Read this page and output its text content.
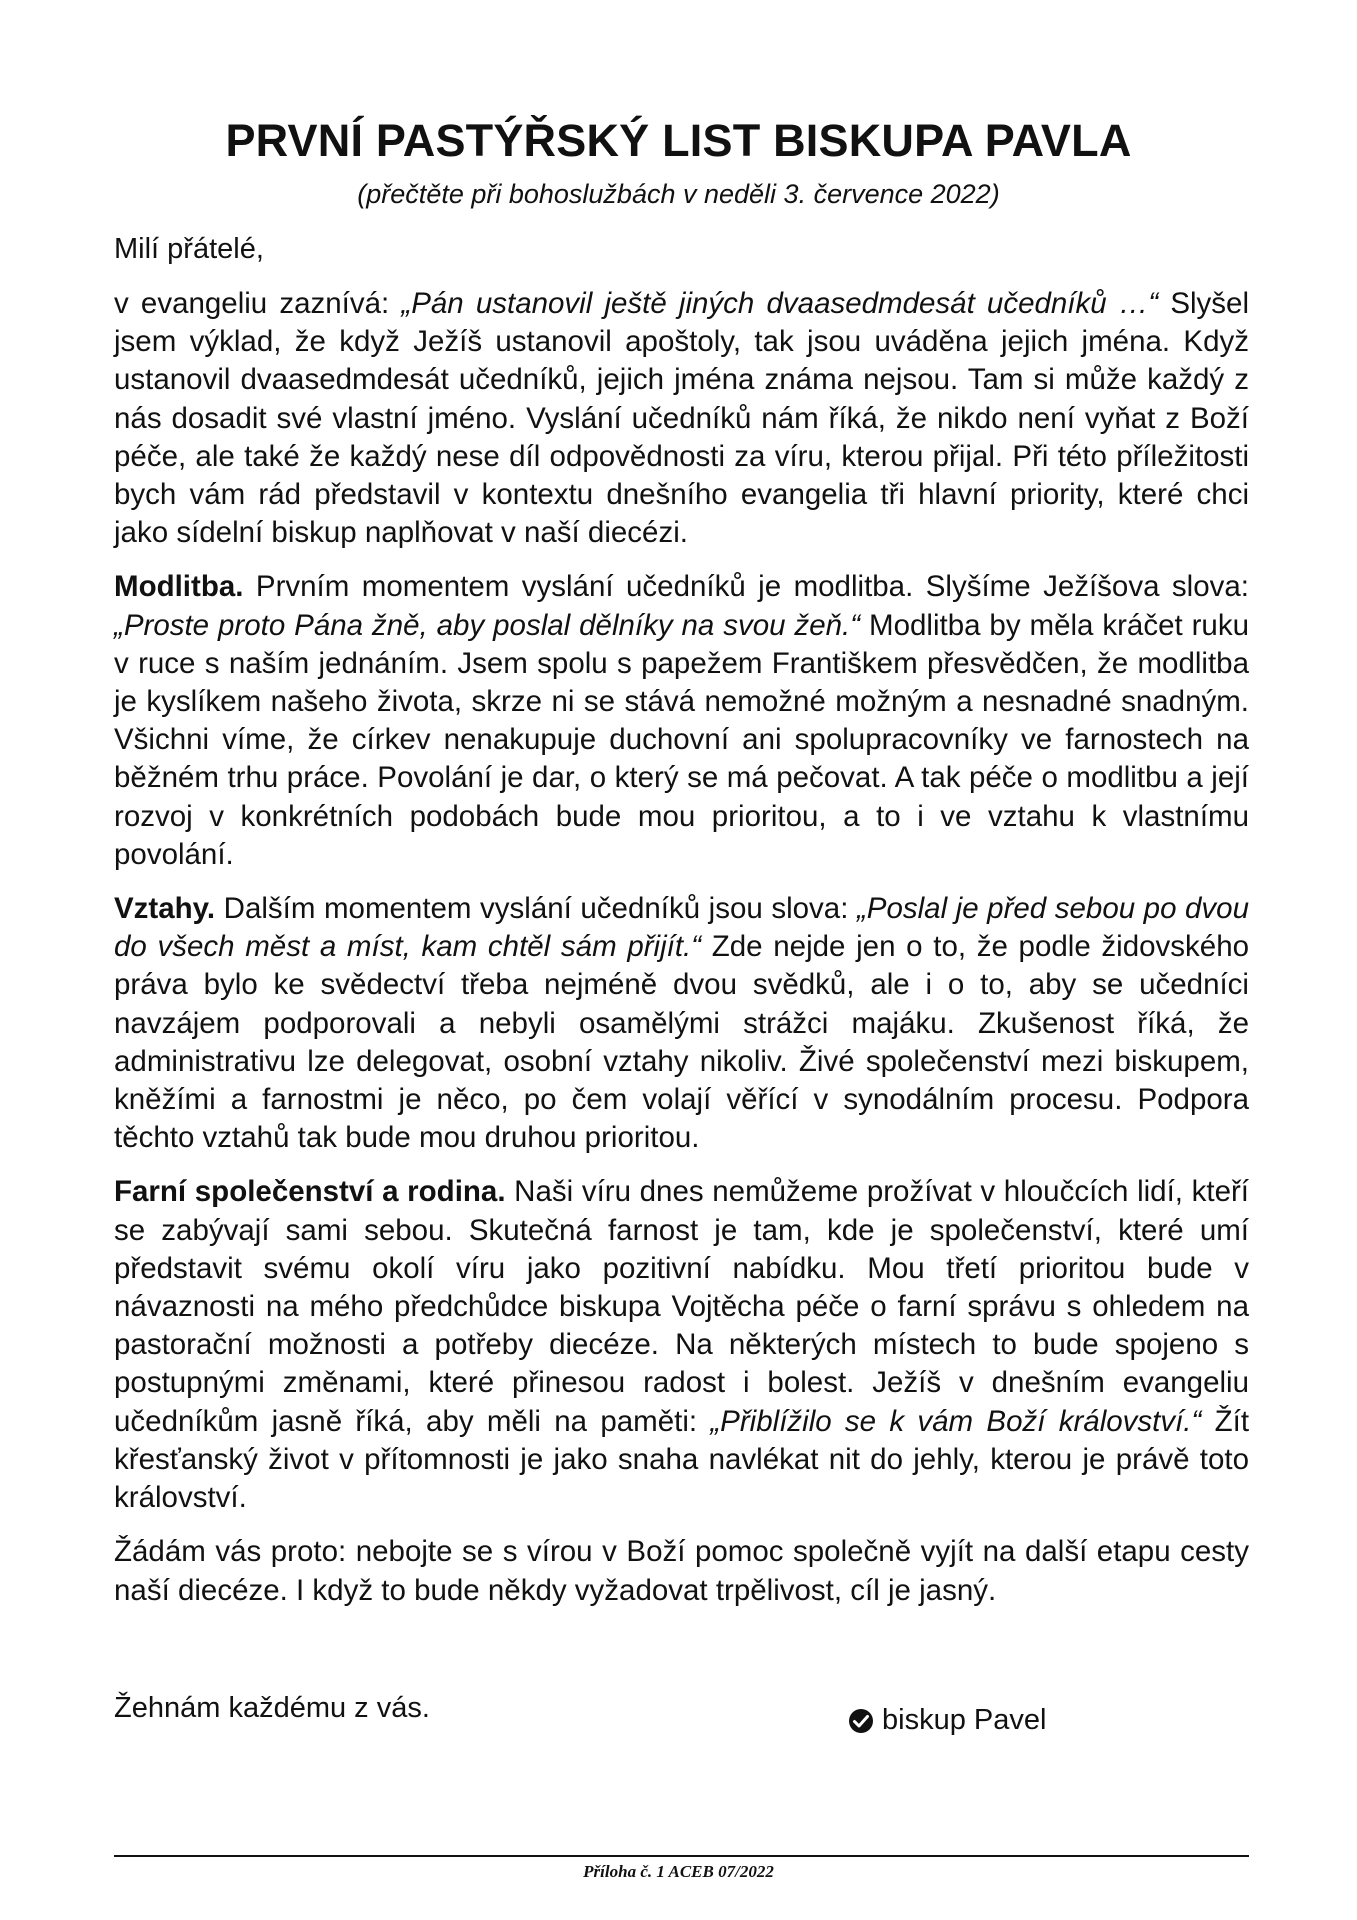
PRVNÍ PASTÝŘSKÝ LIST BISKUPA PAVLA
(přečtěte při bohoslužbách v neděli 3. července 2022)
Milí přátelé,

v evangeliu zaznívá: „Pán ustanovil ještě jiných dvaasedmdesát učedníků …“ Slyšel jsem výklad, že když Ježíš ustanovil apoštoly, tak jsou uváděna jejich jména. Když ustanovil dvaasedmdesát učedníků, jejich jména známa nejsou. Tam si může každý z nás dosadit své vlastní jméno. Vyslání učedníků nám říká, že nikdo není vyňat z Boží péče, ale také že každý nese díl odpovědnosti za víru, kterou přijal. Při této příležitosti bych vám rád představil v kontextu dnešního evangelia tři hlavní priority, které chci jako sídelní biskup naplňovat v naší diecézi.

Modlitba. Prvním momentem vyslání učedníků je modlitba. Slyšíme Ježíšova slova: „Proste proto Pána žně, aby poslal dělníky na svou žeň.“ Modlitba by měla kráčet ruku v ruce s naším jednáním. Jsem spolu s papežem Františkem přesvědčen, že modlitba je kyslíkem našeho života, skrze ni se stává nemožné možným a nesnadné snadným. Všichni víme, že církev nenakupuje duchovní ani spolupracovníky ve farnostech na běžném trhu práce. Povolání je dar, o který se má pečovat. A tak péče o modlitbu a její rozvoj v konkrétních podobách bude mou prioritou, a to i ve vztahu k vlastnímu povolání.

Vztahy. Dalším momentem vyslání učedníků jsou slova: „Poslal je před sebou po dvou do všech měst a míst, kam chtěl sám přijít.“ Zde nejde jen o to, že podle židovského práva bylo ke svědectví třeba nejméně dvou svědků, ale i o to, aby se učedníci navzájem podporovali a nebyli osamělými strážci majáku. Zkušenost říká, že administrativu lze delegovat, osobní vztahy nikoliv. Živé společenství mezi biskupem, kněžími a farnostmi je něco, po čem volají věřící v synodálním procesu. Podpora těchto vztahů tak bude mou druhou prioritou.

Farní společenství a rodina. Naši víru dnes nemůžeme prožívat v hloučcích lidí, kteří se zabývají sami sebou. Skutečná farnost je tam, kde je společenství, které umí představit svému okolí víru jako pozitivní nabídku. Mou třetí prioritou bude v návaznosti na mého předchůdce biskupa Vojtěcha péče o farní správu s ohledem na pastorační možnosti a potřeby diecéze. Na některých místech to bude spojeno s postupnými změnami, které přinesou radost i bolest. Ježíš v dnešním evangeliu učedníkům jasně říká, aby měli na paměti: „Přiblížilo se k vám Boží království.“ Žít křesťanský život v přítomnosti je jako snaha navlékat nit do jehly, kterou je právě toto království.

Žádám vás proto: nebojte se s vírou v Boží pomoc společně vyjít na další etapu cesty naší diecéze. I když to bude někdy vyžadovat trpělivost, cíl je jasný.

Žehnám každému z vás.	biskup Pavel
Příloha č. 1 ACEB 07/2022
